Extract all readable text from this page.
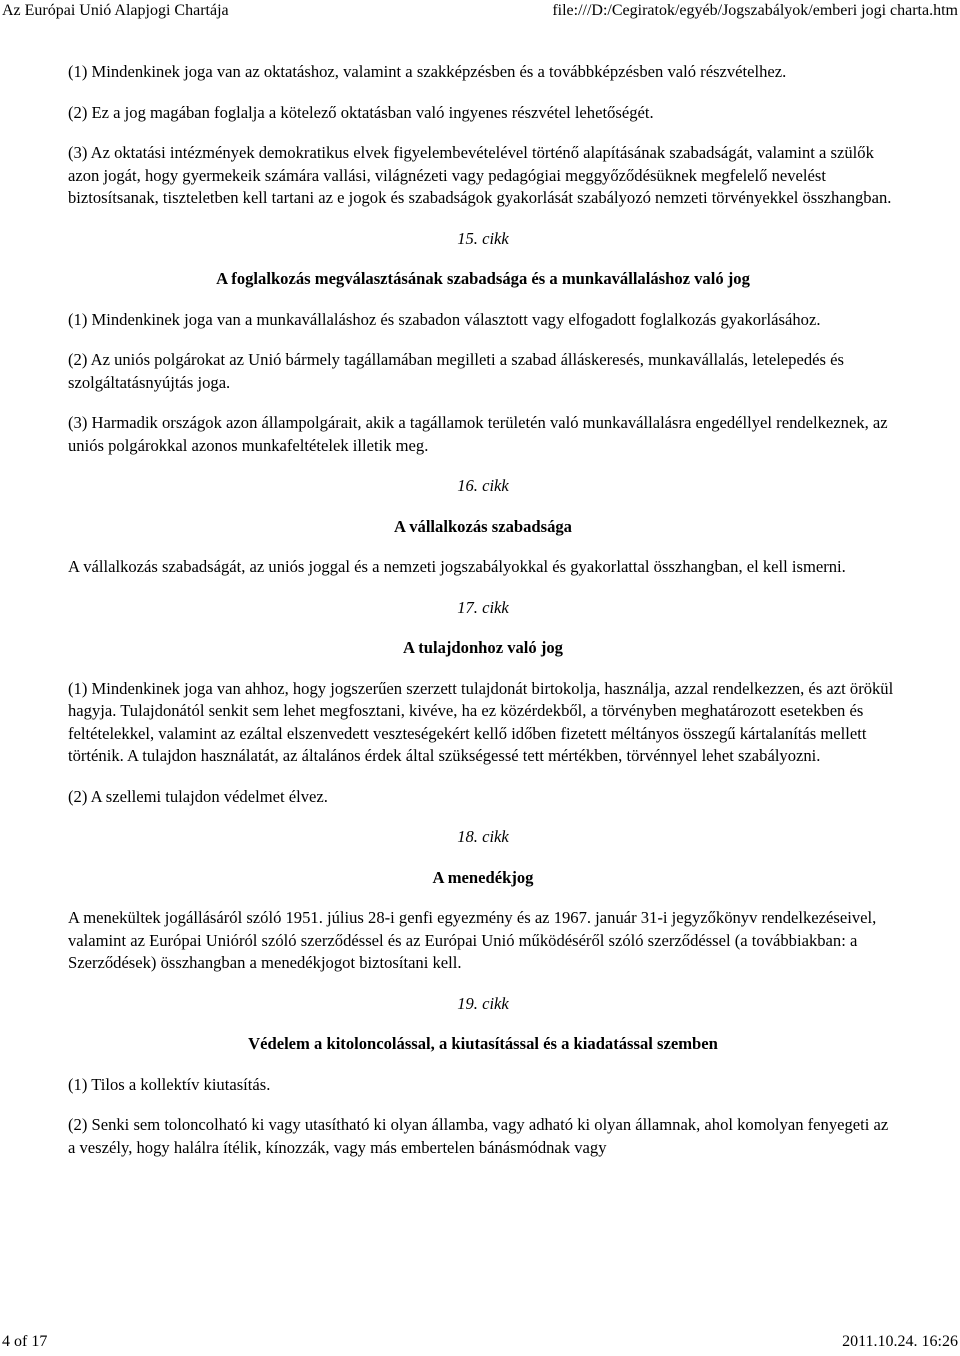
Az Európai Unió Alapjogi Chartája	file:///D:/Cegiratok/egyéb/Jogszabályok/emberi jogi charta.htm

(1) Mindenkinek joga van az oktatáshoz, valamint a szakképzésben és a továbbképzésben való részvételhez.

(2) Ez a jog magában foglalja a kötelező oktatásban való ingyenes részvétel lehetőségét.

(3) Az oktatási intézmények demokratikus elvek figyelembevételével történő alapításának szabadságát, valamint a szülők azon jogát, hogy gyermekeik számára vallási, világnézeti vagy pedagógiai meggyőződésüknek megfelelő nevelést biztosítsanak, tiszteletben kell tartani az e jogok és szabadságok gyakorlását szabályozó nemzeti törvényekkel összhangban.

15. cikk

A foglalkozás megválasztásának szabadsága és a munkavállaláshoz való jog

(1) Mindenkinek joga van a munkavállaláshoz és szabadon választott vagy elfogadott foglalkozás gyakorlásához.

(2) Az uniós polgárokat az Unió bármely tagállamában megilleti a szabad álláskeresés, munkavállalás, letelepedés és szolgáltatásnyújtás joga.

(3) Harmadik országok azon állampolgárait, akik a tagállamok területén való munkavállalásra engedéllyel rendelkeznek, az uniós polgárokkal azonos munkafeltételek illetik meg.

16. cikk

A vállalkozás szabadsága

A vállalkozás szabadságát, az uniós joggal és a nemzeti jogszabályokkal és gyakorlattal összhangban, el kell ismerni.

17. cikk

A tulajdonhoz való jog

(1) Mindenkinek joga van ahhoz, hogy jogszerűen szerzett tulajdonát birtokolja, használja, azzal rendelkezzen, és azt örökül hagyja. Tulajdonától senkit sem lehet megfosztani, kivéve, ha ez közérdekből, a törvényben meghatározott esetekben és feltételekkel, valamint az ezáltal elszenvedett veszteségekért kellő időben fizetett méltányos összegű kártalanítás mellett történik. A tulajdon használatát, az általános érdek által szükségessé tett mértékben, törvénnyel lehet szabályozni.

(2) A szellemi tulajdon védelmet élvez.

18. cikk

A menedékjog

A menekültek jogállásáról szóló 1951. július 28-i genfi egyezmény és az 1967. január 31-i jegyzőkönyv rendelkezéseivel, valamint az Európai Unióról szóló szerződéssel és az Európai Unió működéséről szóló szerződéssel (a továbbiakban: a Szerződések) összhangban a menedékjogot biztosítani kell.

19. cikk

Védelem a kitoloncolással, a kiutasítással és a kiadatással szemben

(1) Tilos a kollektív kiutasítás.

(2) Senki sem toloncolható ki vagy utasítható ki olyan államba, vagy adható ki olyan államnak, ahol komolyan fenyegeti az a veszély, hogy halálra ítélik, kínozzák, vagy más embertelen bánásmódnak vagy

4 of 17	2011.10.24. 16:26
